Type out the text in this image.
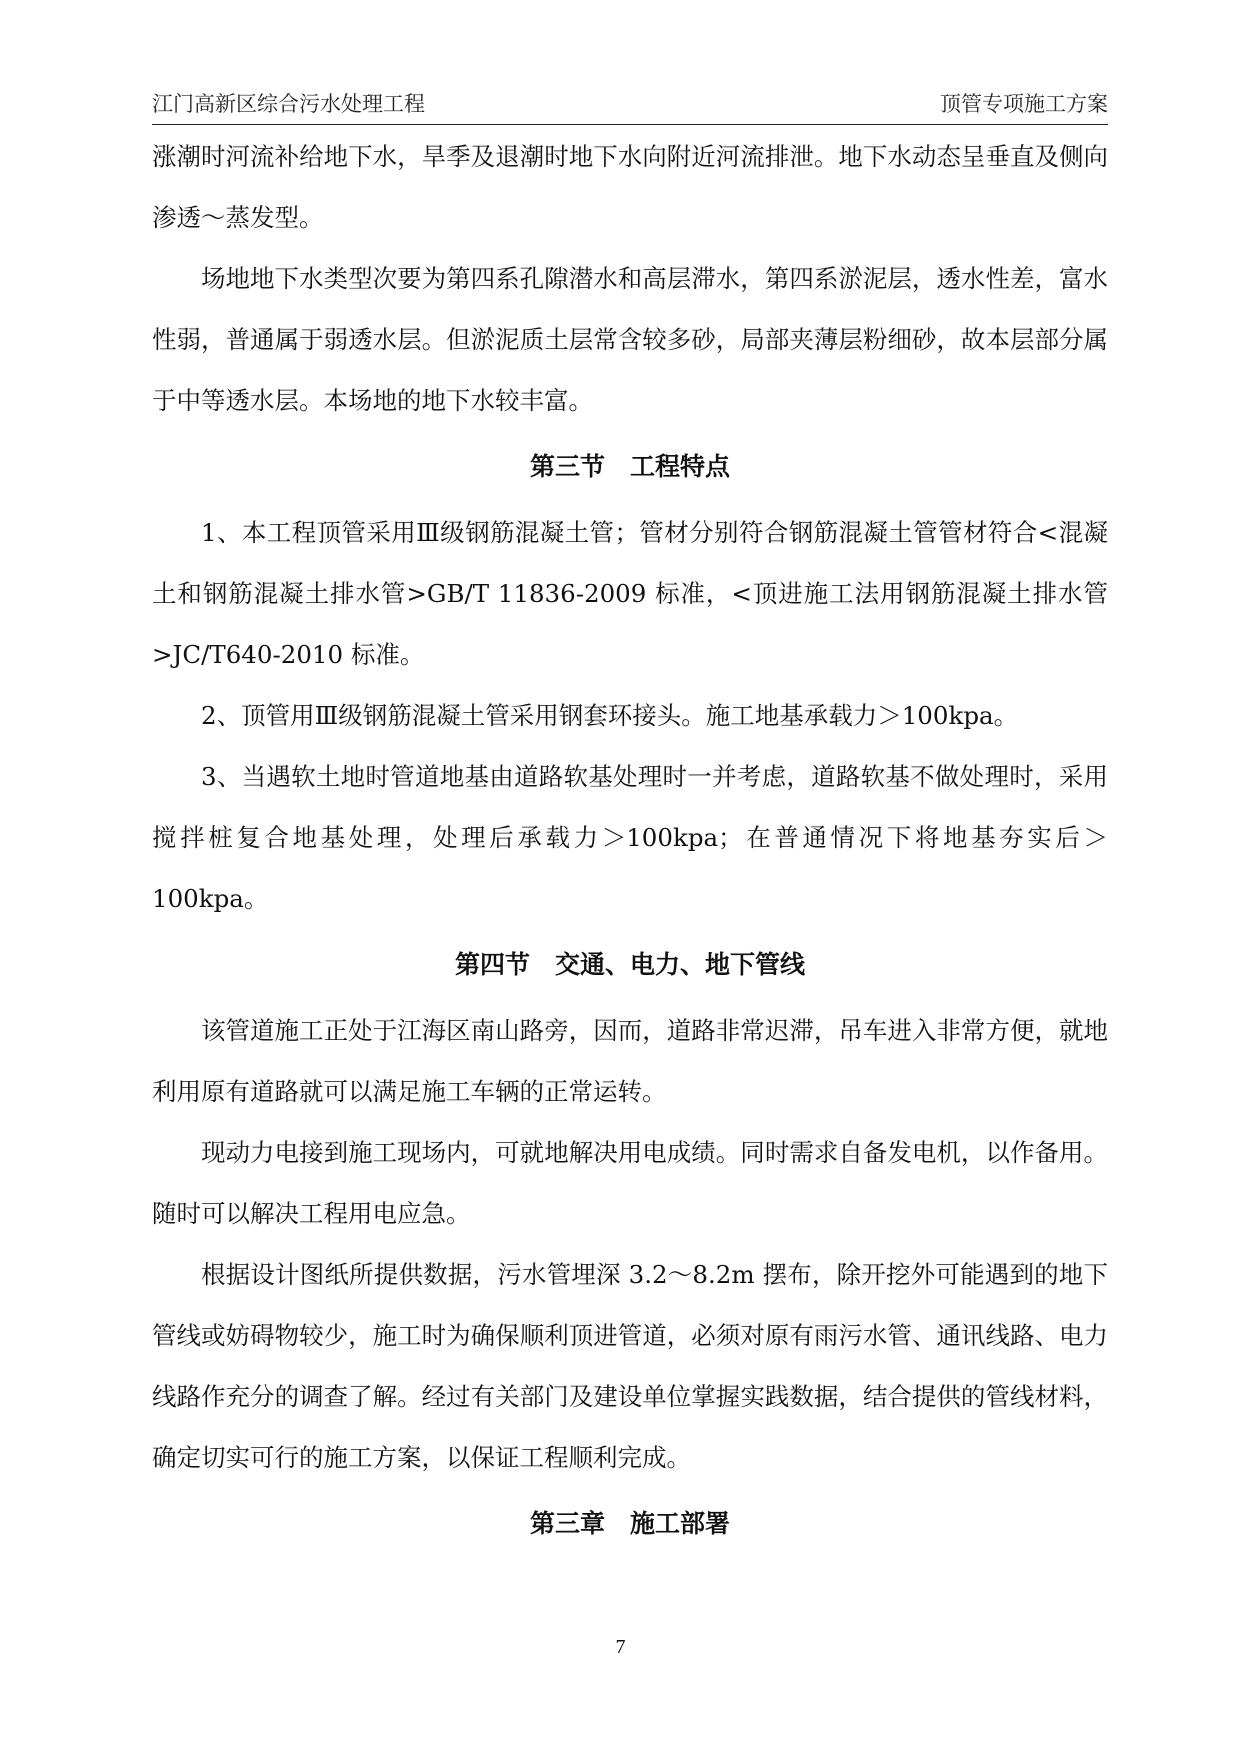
江门高新区综合污水处理工程	顶管专项施工方案

涨潮时河流补给地下水，旱季及退潮时地下水向附近河流排泄。地下水动态呈垂直及侧向渗透～蒸发型。

场地地下水类型次要为第四系孔隙潜水和高层滞水，第四系淤泥层，透水性差，富水性弱，普通属于弱透水层。但淤泥质土层常含较多砂，局部夹薄层粉细砂，故本层部分属于中等透水层。本场地的地下水较丰富。

第三节　工程特点

1、本工程顶管采用Ⅲ级钢筋混凝土管；管材分别符合钢筋混凝土管管材符合<混凝土和钢筋混凝土排水管>GB/T 11836-2009 标准，<顶进施工法用钢筋混凝土排水管>JC/T640-2010 标准。

2、顶管用Ⅲ级钢筋混凝土管采用钢套环接头。施工地基承载力＞100kpa。

3、当遇软土地时管道地基由道路软基处理时一并考虑，道路软基不做处理时，采用搅拌桩复合地基处理，处理后承载力＞100kpa；在普通情况下将地基夯实后＞100kpa。

第四节　交通、电力、地下管线

该管道施工正处于江海区南山路旁，因而，道路非常迟滞，吊车进入非常方便，就地利用原有道路就可以满足施工车辆的正常运转。

现动力电接到施工现场内，可就地解决用电成绩。同时需求自备发电机，以作备用。随时可以解决工程用电应急。

根据设计图纸所提供数据，污水管埋深 3.2～8.2m 摆布，除开挖外可能遇到的地下管线或妨碍物较少，施工时为确保顺利顶进管道，必须对原有雨污水管、通讯线路、电力线路作充分的调查了解。经过有关部门及建设单位掌握实践数据，结合提供的管线材料，确定切实可行的施工方案，以保证工程顺利完成。

第三章　施工部署
7
